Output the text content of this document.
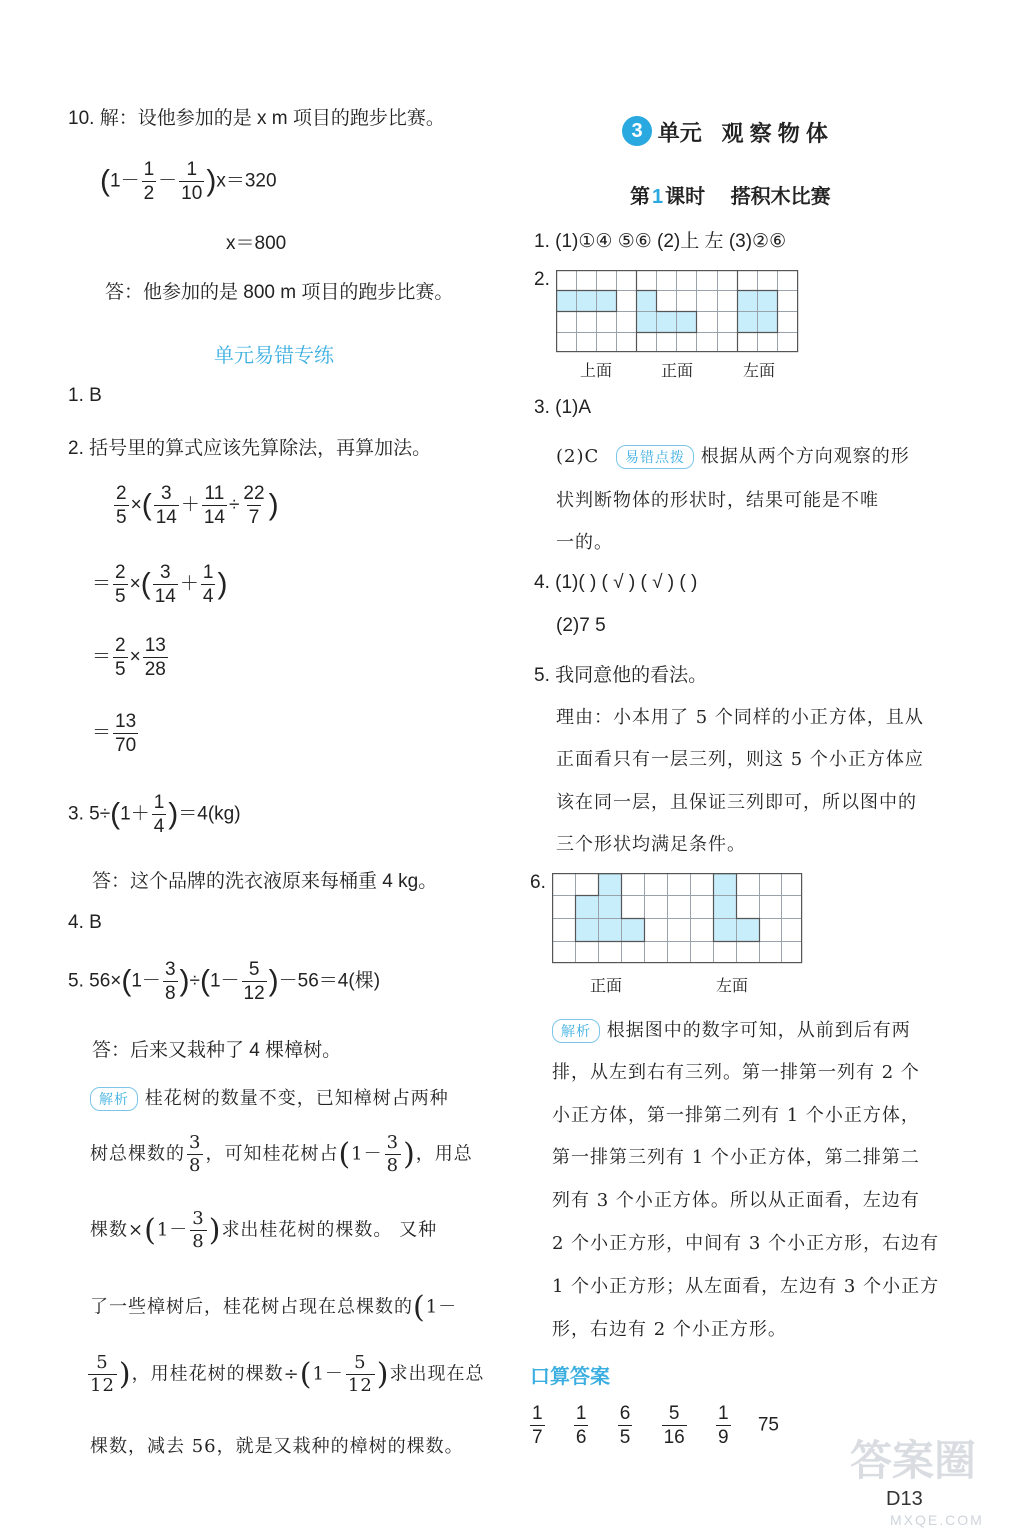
10. 解：设他参加的是 x m 项目的跑步比赛。
$(1- \frac{1}{2} - \frac{1}{10} )x=320$
x＝800
答：他参加的是 800 m 项目的跑步比赛。
单元易错专练
1. B
2. 括号里的算式应该先算除法，再算加法。
$\frac{2}{5}$ ×( $\frac{3}{14} + \frac{11}{14} \div \frac{22}{7}$ )
＝ $\frac{2}{5}$ ×( $\frac{3}{14} + \frac{1}{4}$ )
＝ $\frac{2}{5} \times \frac{13}{28}$
＝ $\frac{13}{70}$
3. $5\div(1+ \frac{1}{4} )=4(kg)$
答：这个品牌的洗衣液原来每桶重 4 kg。
4. B
5. $56\times(1- \frac{3}{8} )\div(1- \frac{5}{12} )-56=4$(棵)
答：后来又栽种了 4 棵樟树。
解析 桂花树的数量不变，已知樟树占两种
树总棵数的 $\frac{3}{8}$ ，可知桂花树占($1- \frac{3}{8}$ )，用总
棵数$\times(1- \frac{3}{8}$ )求出桂花树的棵数。 又种
了一些樟树后，桂花树占现在总棵数的(1－
$\frac{5}{12}$ )，用桂花树的棵数$\div(1- \frac{5}{12}$ )求出现在总
棵数，减去 56，就是又栽种的樟树的棵数。
3 单元 观 察 物 体
第 1 课时 搭积木比赛
1. (1)①④ ⑤⑥ (2)上 左 (3)②⑥
2.
上面	正面	左面
3. (1)A
(2)C 易错点拨 根据从两个方向观察的形
状判断物体的形状时，结果可能是不唯
一的。
4. (1)( ) ( √ ) ( √ ) ( )
(2)7 5
5. 我同意他的看法。
理由：小本用了 5 个同样的小正方体，且从
正面看只有一层三列，则这 5 个小正方体应
该在同一层，且保证三列即可，所以图中的
三个形状均满足条件。
6.
正面	左面
解析 根据图中的数字可知，从前到后有两
排，从左到右有三列。第一排第一列有 2 个
小正方体，第一排第二列有 1 个小正方体，
第一排第三列有 1 个小正方体，第二排第二
列有 3 个小正方体。所以从正面看，左边有
2 个小正方形，中间有 3 个小正方形，右边有
1 个小正方形；从左面看，左边有 3 个小正方
形，右边有 2 个小正方形。
口算答案
$\frac{1}{7}$
$\frac{1}{6}$
$\frac{6}{5}$
$\frac{5}{16}$
$\frac{1}{9} 75$
答案圈
MXQE.COM
D13
